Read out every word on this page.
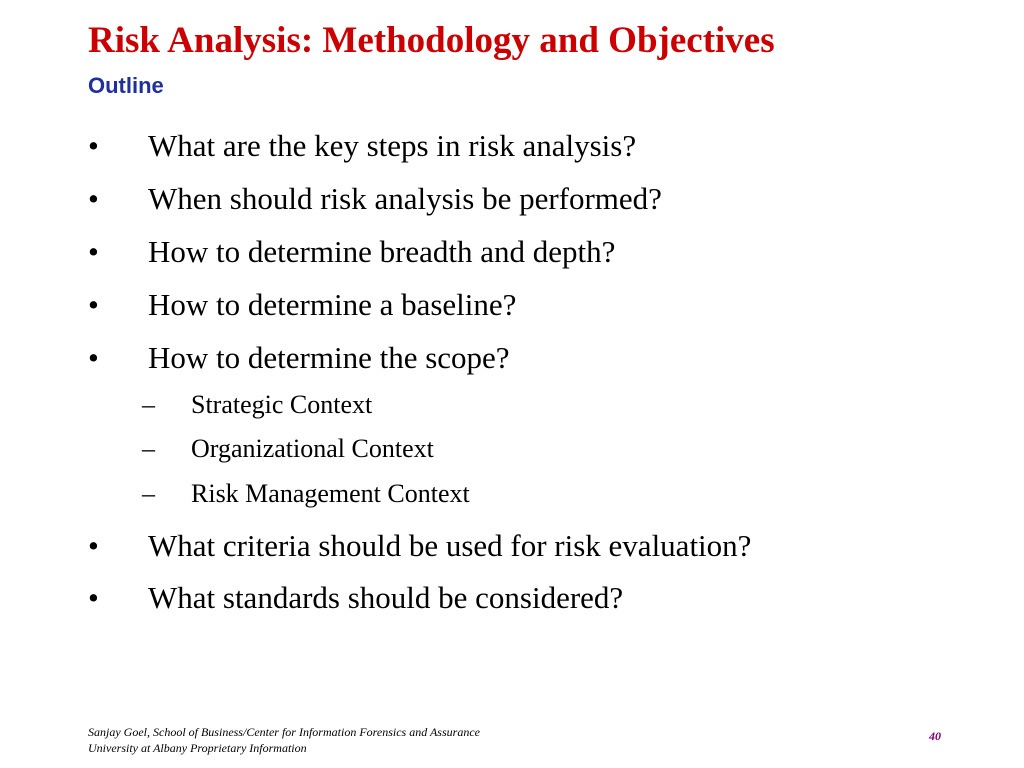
Risk Analysis: Methodology and Objectives
Outline
• What are the key steps in risk analysis?
• When should risk analysis be performed?
• How to determine breadth and depth?
• How to determine a baseline?
• How to determine the scope?
– Strategic Context
– Organizational Context
– Risk Management Context
• What criteria should be used for risk evaluation?
• What standards should be considered?
Sanjay Goel, School of Business/Center for Information Forensics and Assurance
University at Albany Proprietary Information
40
